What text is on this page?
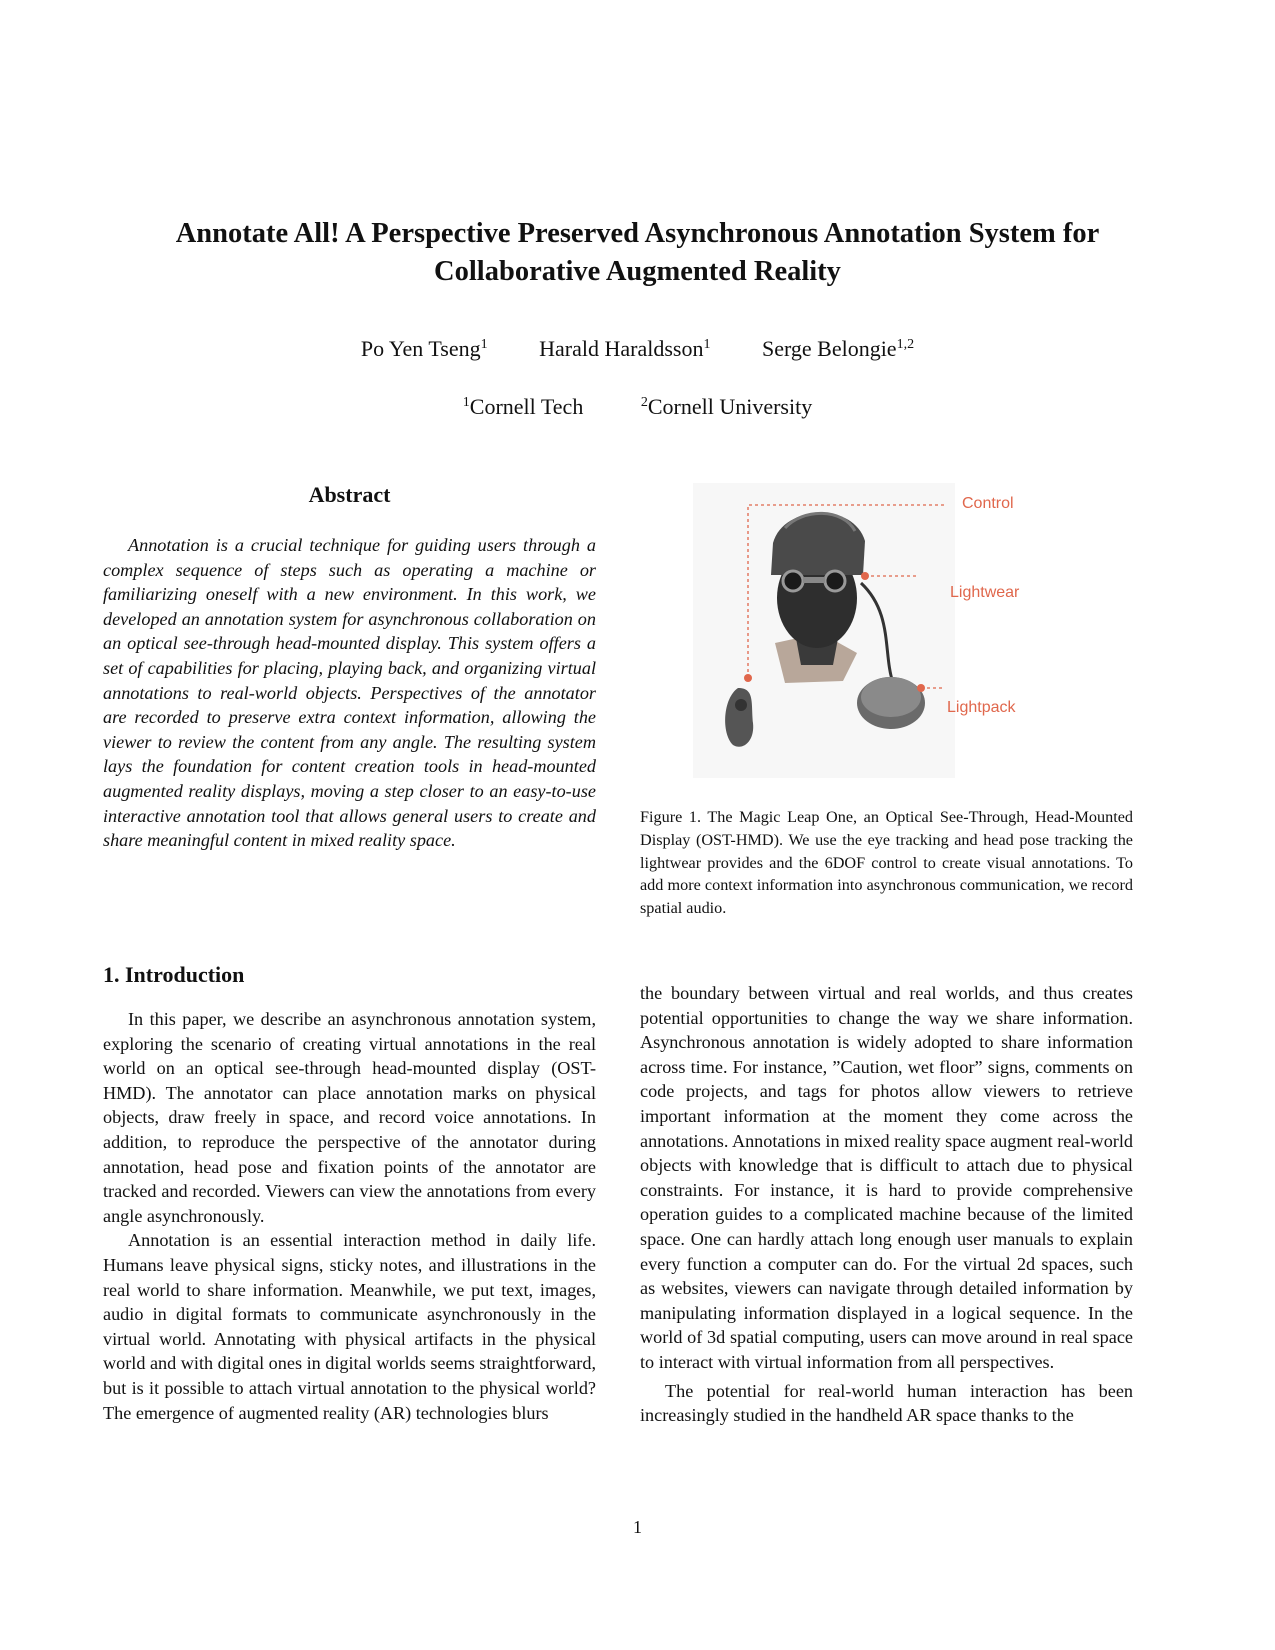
Annotate All! A Perspective Preserved Asynchronous Annotation System for
Collaborative Augmented Reality
Po Yen Tseng$^1$ Harald Haraldsson$^1$ Serge Belongie$^{1,2}$
$^1$Cornell Tech	$^2$Cornell University
Abstract

Annotation is a crucial technique for guiding users through a complex sequence of steps such as operating a machine or familiarizing oneself with a new environment. In this work, we developed an annotation system for asynchronous collaboration on an optical see-through head-mounted display. This system offers a set of capabilities for placing, playing back, and organizing virtual annotations to real-world objects. Perspectives of the annotator are recorded to preserve extra context information, allowing the viewer to review the content from any angle. The resulting system lays the foundation for content creation tools in head-mounted augmented reality displays, moving a step closer to an easy-to-use interactive annotation tool that allows general users to create and share meaningful content in mixed reality space.

Control
Lightwear
Lightpack
Figure 1. The Magic Leap One, an Optical See-Through, Head-Mounted Display (OST-HMD). We use the eye tracking and head pose tracking the lightwear provides and the 6DOF control to create visual annotations. To add more context information into asynchronous communication, we record spatial audio.
1. Introduction

In this paper, we describe an asynchronous annotation system, exploring the scenario of creating virtual annotations in the real world on an optical see-through head-mounted display (OST-HMD). The annotator can place annotation marks on physical objects, draw freely in space, and record voice annotations. In addition, to reproduce the perspective of the annotator during annotation, head pose and fixation points of the annotator are tracked and recorded. Viewers can view the annotations from every angle asynchronously.

Annotation is an essential interaction method in daily life. Humans leave physical signs, sticky notes, and illustrations in the real world to share information. Meanwhile, we put text, images, audio in digital formats to communicate asynchronously in the virtual world. Annotating with physical artifacts in the physical world and with digital ones in digital worlds seems straightforward, but is it possible to attach virtual annotation to the physical world? The emergence of augmented reality (AR) technologies blurs

the boundary between virtual and real worlds, and thus creates potential opportunities to change the way we share information. Asynchronous annotation is widely adopted to share information across time. For instance, ”Caution, wet floor” signs, comments on code projects, and tags for photos allow viewers to retrieve important information at the moment they come across the annotations. Annotations in mixed reality space augment real-world objects with knowledge that is difficult to attach due to physical constraints. For instance, it is hard to provide comprehensive operation guides to a complicated machine because of the limited space. One can hardly attach long enough user manuals to explain every function a computer can do. For the virtual 2d spaces, such as websites, viewers can navigate through detailed information by manipulating information displayed in a logical sequence. In the world of 3d spatial computing, users can move around in real space to interact with virtual information from all perspectives.

The potential for real-world human interaction has been increasingly studied in the handheld AR space thanks to the

1
